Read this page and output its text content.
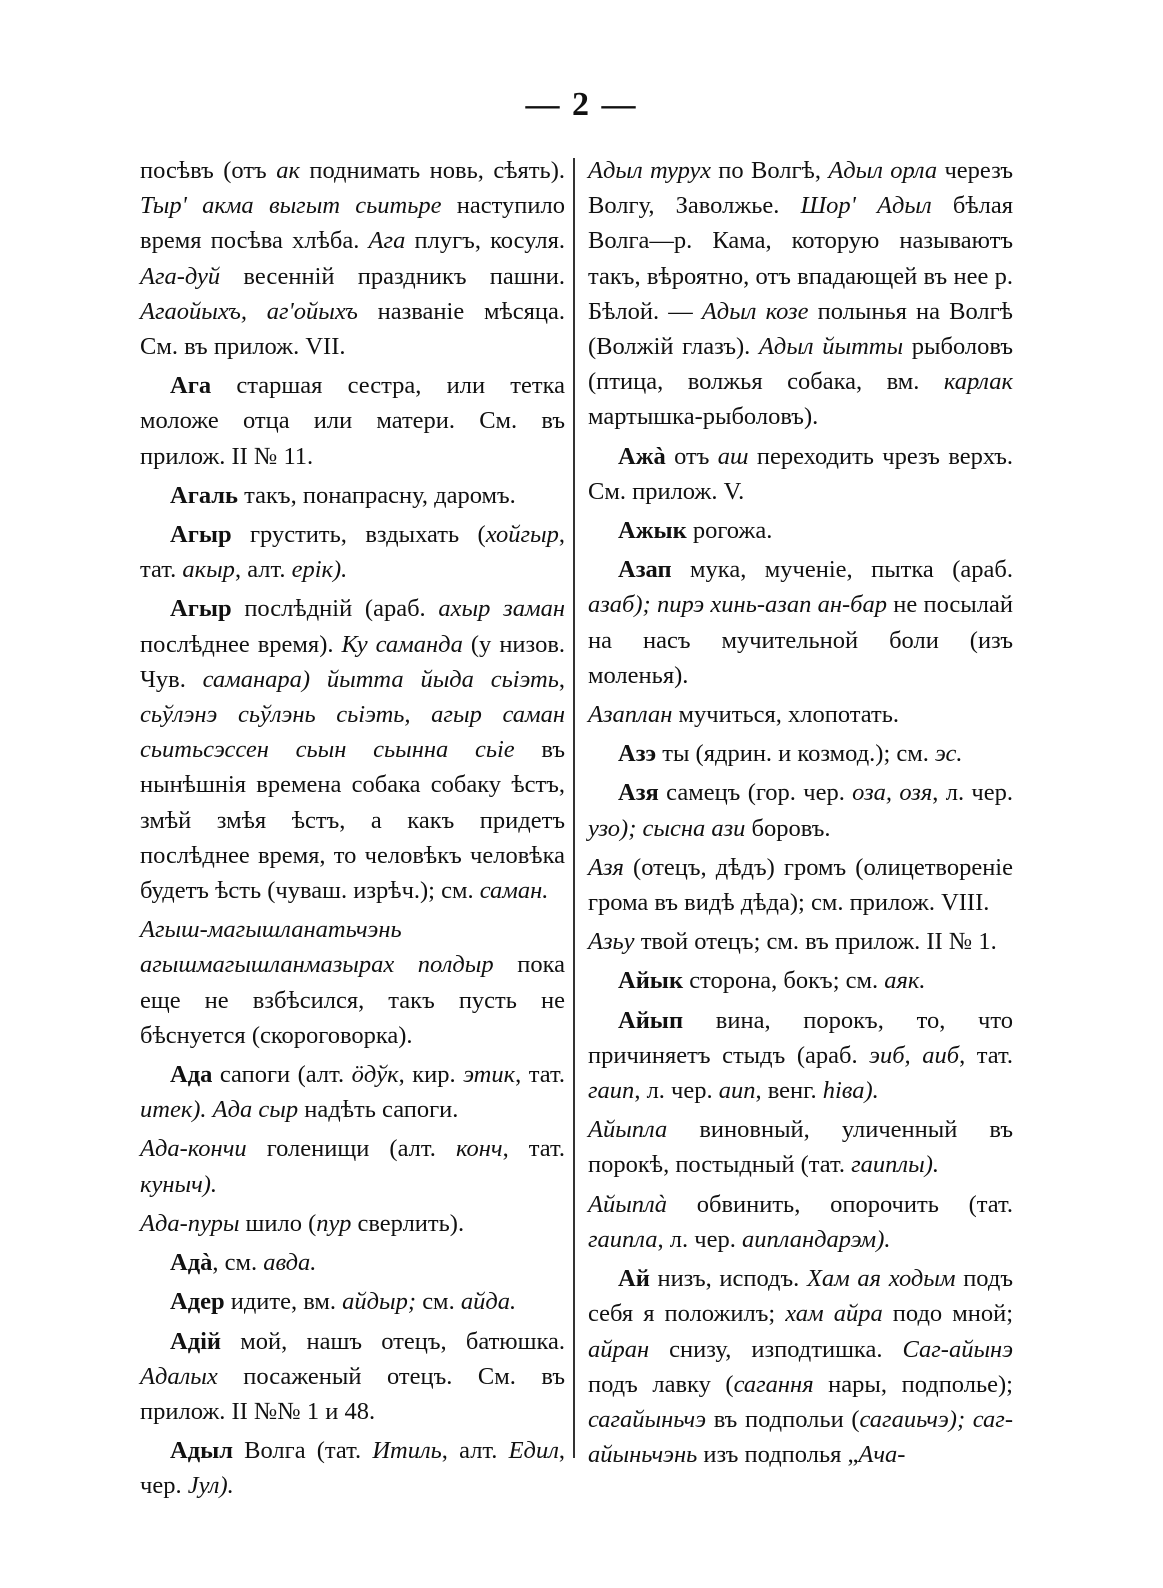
— 2 —

посѣвъ (отъ ак поднимать новь, сѣять). Тыр' акма выгыт сьитьре наступило время посѣва хлѣба. Ага плугъ, косуля. Ага-дуй весенній праздникъ пашни. Агаойыхъ, аг'ойыхъ названіе мѣсяца. См. въ прилож. VII.

Ага старшая сестра, или тетка моложе отца или матери. См. въ прилож. II № 11.

Агаль такъ, понапрасну, даромъ.

Агыр грустить, вздыхать (хойгыр, тат. акыр, алт. ерік).

Агыр послѣдній (араб. ахыр заман послѣднее время). Ку саманда (у низов. Чув. саманара) йытта йыда сьіэть, сьўлэнэ сьўлэнь сьіэть, агыр саман сьитьсэссен сьын сьынна сьіе въ нынѣшнія времена собака собаку ѣстъ, змѣй змѣя ѣстъ, а какъ придетъ послѣднее время, то человѣкъ человѣка будетъ ѣсть (чуваш. изрѣч.); см. саман.

Агыш-магышланатьчэнь агышмагышланмазырах полдыр пока еще не взбѣсился, такъ пусть не бѣснуется (скороговорка).

Ада сапоги (алт. ӧдўк, кир. этик, тат. итек). Ада сыр надѣть сапоги.

Ада-кончи голенищи (алт. конч, тат. куныч).

Ада-пуры шило (пур сверлить).

Адà, см. авда.

Адер идите, вм. айдыр; см. айда.

Адій мой, нашъ отецъ, батюшка. Адалых посаженый отецъ. См. въ прилож. II №№ 1 и 48.

Адыл Волга (тат. Итиль, алт. Едил, чер. Јул).

Адыл турух по Волгѣ, Адыл орла черезъ Волгу, Заволжье. Шор' Адыл бѣлая Волга—р. Кама, которую называютъ такъ, вѣроятно, отъ впадающей въ нее р. Бѣлой. — Адыл козе полынья на Волгѣ (Волжій глазъ). Адыл йытты рыболовъ (птица, волжья собака, вм. карлак мартышка-рыболовъ).

Ажà отъ аш переходить чрезъ верхъ. См. прилож. V.

Ажык рогожа.

Азап мука, мученіе, пытка (араб. азаб); пирэ хинь-азап ан-бар не посылай на насъ мучительной боли (изъ моленья).

Азаплан мучиться, хлопотать.

Азэ ты (ядрин. и козмод.); см. эс.

Азя самецъ (гор. чер. оза, озя, л. чер. узо); сысна ази боровъ.

Азя (отецъ, дѣдъ) громъ (олицетвореніе грома въ видѣ дѣда); см. прилож. VIII.

Азьу твой отецъ; см. въ прилож. II № 1.

Айык сторона, бокъ; см. аяк.

Айып вина, порокъ, то, что причиняетъ стыдъ (араб. эиб, аиб, тат. гаип, л. чер. аип, венг. hiва).

Айыпла виновный, уличенный въ порокѣ, постыдный (тат. гаиплы).

Айыплà обвинить, опорочить (тат. гаипла, л. чер. аипландарэм).

Ай низъ, исподъ. Хам ая ходым подъ себя я положилъ; хам айра подо мной; айран снизу, изподтишка. Саг-айынэ подъ лавку (сагання нары, подполье); сагайыньчэ въ подпольи (сагаиьчэ); саг-айыньчэнь изъ подполья „Ача-
